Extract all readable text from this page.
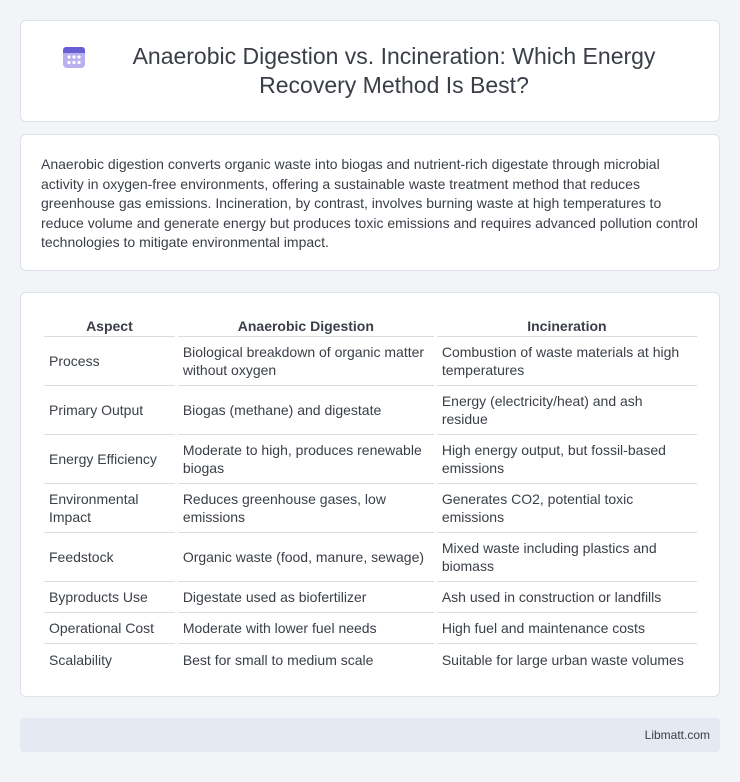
Anaerobic Digestion vs. Incineration: Which Energy Recovery Method Is Best?

Anaerobic digestion converts organic waste into biogas and nutrient-rich digestate through microbial activity in oxygen-free environments, offering a sustainable waste treatment method that reduces greenhouse gas emissions. Incineration, by contrast, involves burning waste at high temperatures to reduce volume and generate energy but produces toxic emissions and requires advanced pollution control technologies to mitigate environmental impact.

Aspect	Anaerobic Digestion	Incineration
Process	Biological breakdown of organic matter without oxygen	Combustion of waste materials at high temperatures
Primary Output	Biogas (methane) and digestate	Energy (electricity/heat) and ash residue
Energy Efficiency	Moderate to high, produces renewable biogas	High energy output, but fossil-based emissions
Environmental Impact	Reduces greenhouse gases, low emissions	Generates CO2, potential toxic emissions
Feedstock	Organic waste (food, manure, sewage)	Mixed waste including plastics and biomass
Byproducts Use	Digestate used as biofertilizer	Ash used in construction or landfills
Operational Cost	Moderate with lower fuel needs	High fuel and maintenance costs
Scalability	Best for small to medium scale	Suitable for large urban waste volumes
Libmatt.com
